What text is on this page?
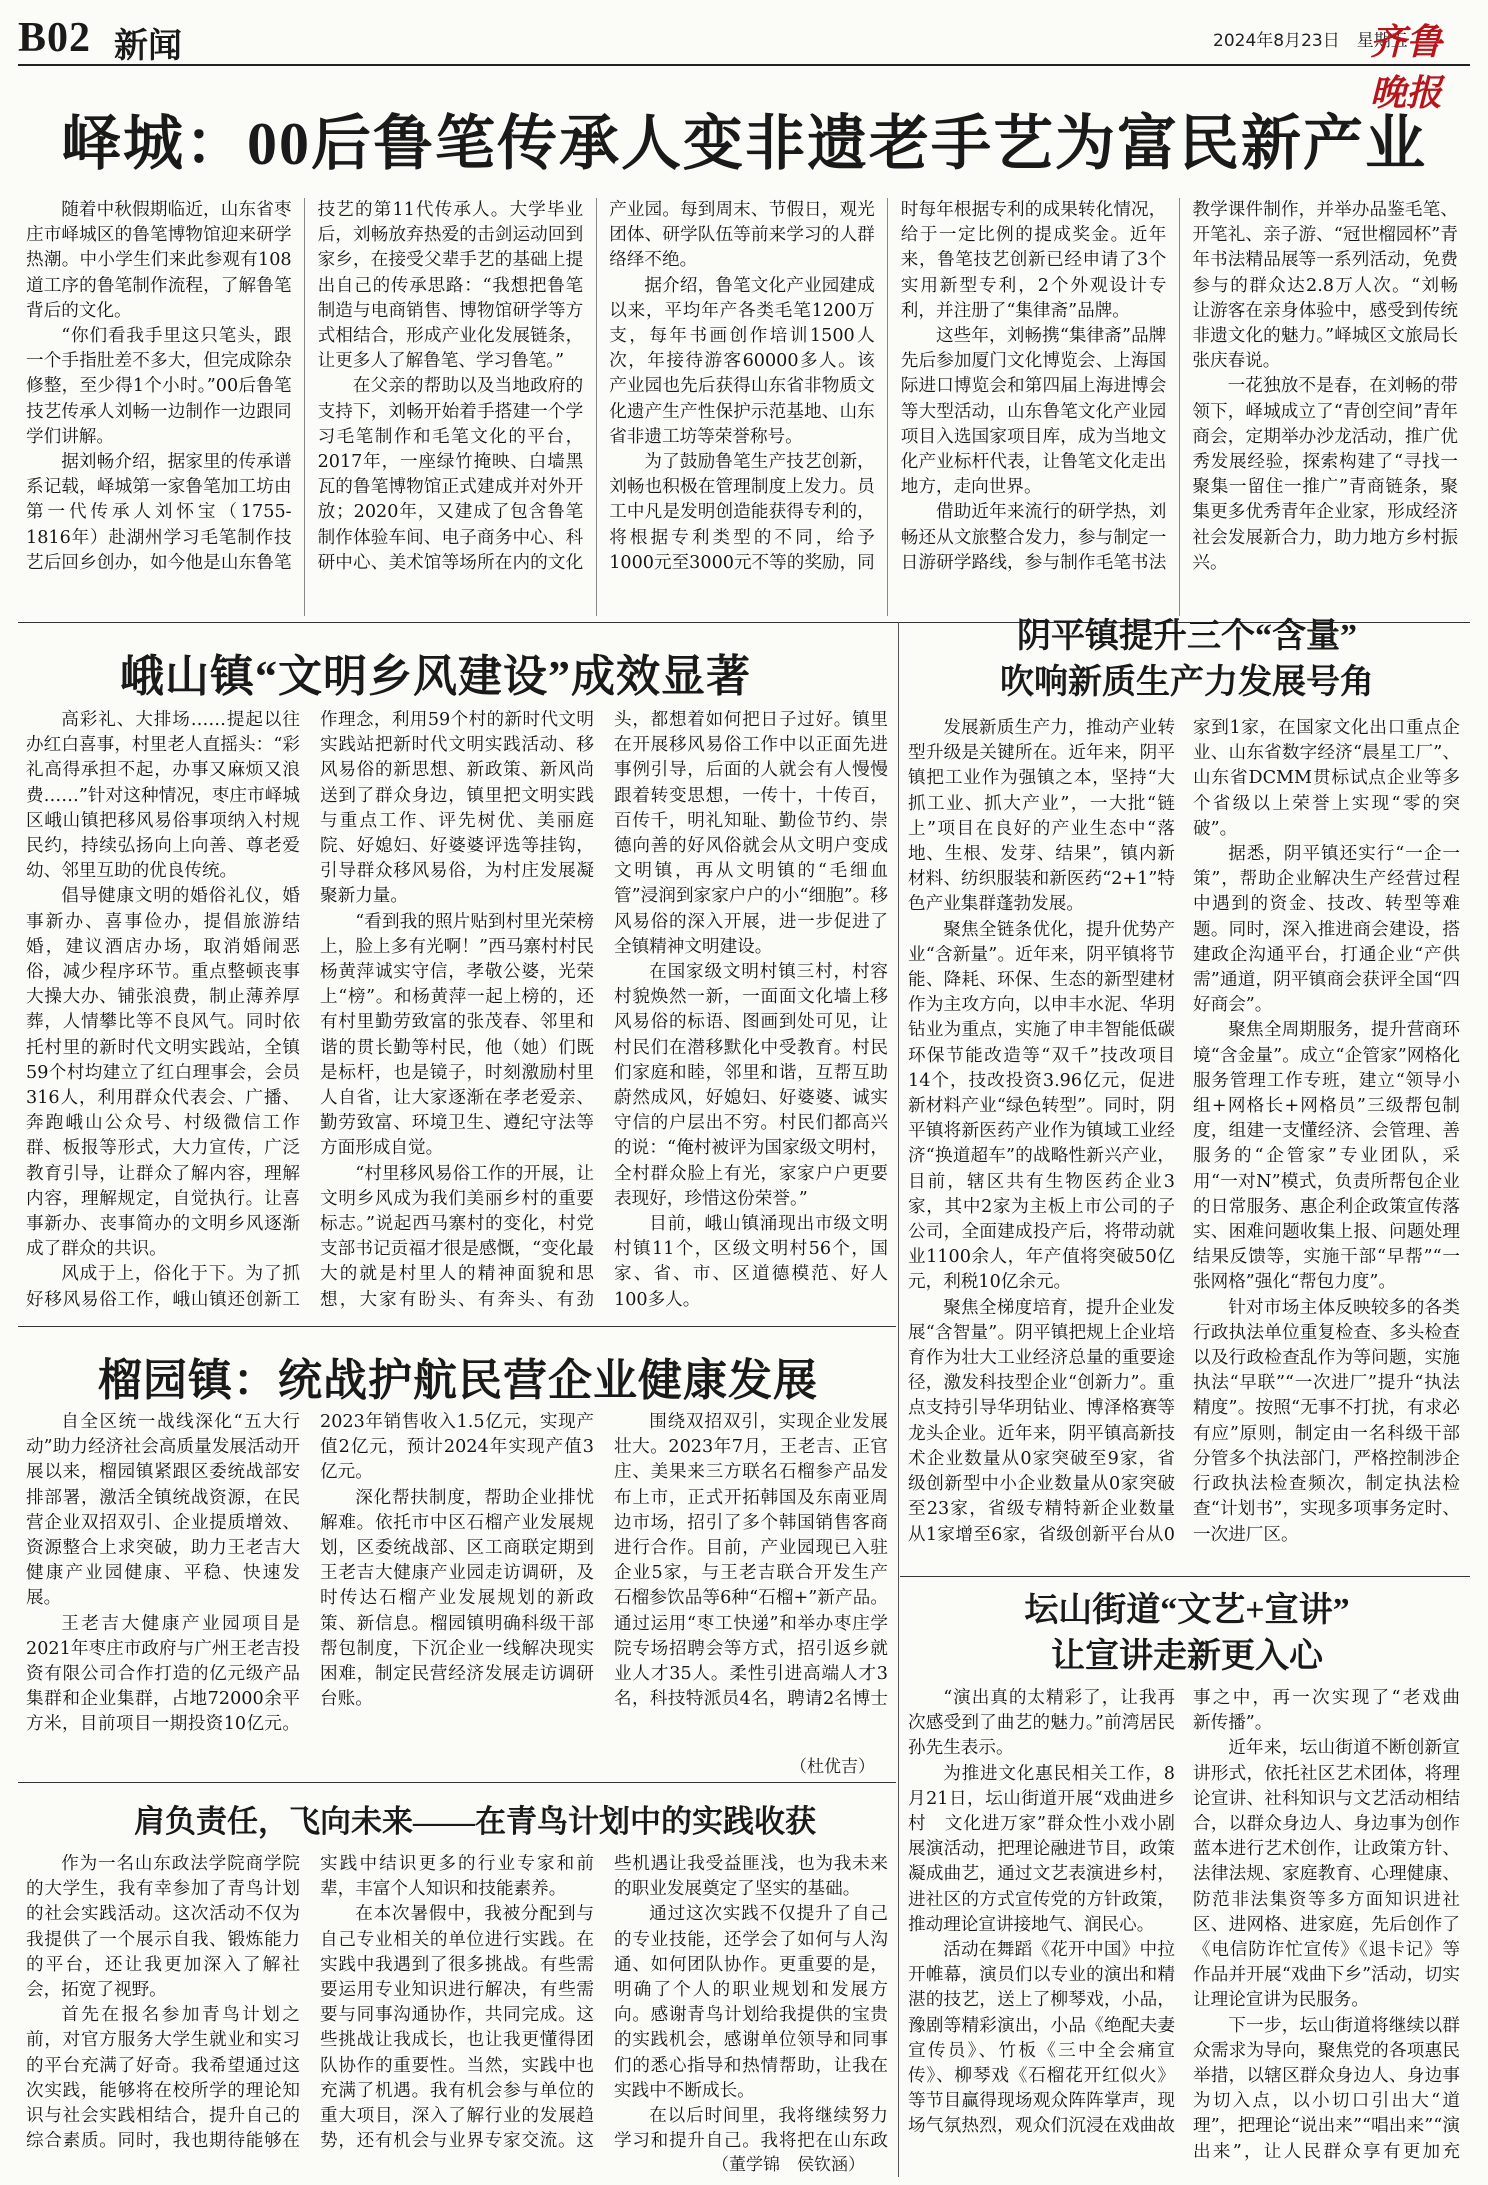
B02 新闻	2024年8月23日　星期五
齐鲁晚报
峄城：00后鲁笔传承人变非遗老手艺为富民新产业

随着中秋假期临近，山东省枣庄市峄城区的鲁笔博物馆迎来研学热潮。中小学生们来此参观有108道工序的鲁笔制作流程，了解鲁笔背后的文化。

“你们看我手里这只笔头，跟一个手指肚差不多大，但完成除杂修整，至少得1个小时。”00后鲁笔技艺传承人刘畅一边制作一边跟同学们讲解。

据刘畅介绍，据家里的传承谱系记载，峄城第一家鲁笔加工坊由第一代传承人刘怀宝（1755-1816年）赴湖州学习毛笔制作技艺后回乡创办，如今他是山东鲁笔技艺的第11代传承人。大学毕业后，刘畅放弃热爱的击剑运动回到家乡，在接受父辈手艺的基础上提出自己的传承思路：“我想把鲁笔制造与电商销售、博物馆研学等方式相结合，形成产业化发展链条，让更多人了解鲁笔、学习鲁笔。”

在父亲的帮助以及当地政府的支持下，刘畅开始着手搭建一个学习毛笔制作和毛笔文化的平台，2017年，一座绿竹掩映、白墙黑瓦的鲁笔博物馆正式建成并对外开放；2020年，又建成了包含鲁笔制作体验车间、电子商务中心、科研中心、美术馆等场所在内的文化产业园。每到周末、节假日，观光团体、研学队伍等前来学习的人群络绎不绝。

据介绍，鲁笔文化产业园建成以来，平均年产各类毛笔1200万支，每年书画创作培训1500人次，年接待游客60000多人。该产业园也先后获得山东省非物质文化遗产生产性保护示范基地、山东省非遗工坊等荣誉称号。

为了鼓励鲁笔生产技艺创新，刘畅也积极在管理制度上发力。员工中凡是发明创造能获得专利的，将根据专利类型的不同，给予1000元至3000元不等的奖励，同时每年根据专利的成果转化情况，给于一定比例的提成奖金。近年来，鲁笔技艺创新已经申请了3个实用新型专利，2个外观设计专利，并注册了“集律斋”品牌。

这些年，刘畅携“集律斋”品牌先后参加厦门文化博览会、上海国际进口博览会和第四届上海进博会等大型活动，山东鲁笔文化产业园项目入选国家项目库，成为当地文化产业标杆代表，让鲁笔文化走出地方，走向世界。

借助近年来流行的研学热，刘畅还从文旅整合发力，参与制定一日游研学路线，参与制作毛笔书法教学课件制作，并举办品鉴毛笔、开笔礼、亲子游、“冠世榴园杯”青年书法精品展等一系列活动，免费参与的群众达2.8万人次。“刘畅让游客在亲身体验中，感受到传统非遗文化的魅力。”峄城区文旅局长张庆春说。

一花独放不是春，在刘畅的带领下，峄城成立了“青创空间”青年商会，定期举办沙龙活动，推广优秀发展经验，探索构建了“寻找一聚集一留住一推广”青商链条，聚集更多优秀青年企业家，形成经济社会发展新合力，助力地方乡村振兴。

峨山镇“文明乡风建设”成效显著

高彩礼、大排场……提起以往办红白喜事，村里老人直摇头：“彩礼高得承担不起，办事又麻烦又浪费……”针对这种情况，枣庄市峄城区峨山镇把移风易俗事项纳入村规民约，持续弘扬向上向善、尊老爱幼、邻里互助的优良传统。

倡导健康文明的婚俗礼仪，婚事新办、喜事俭办，提倡旅游结婚，建议酒店办场，取消婚闹恶俗，减少程序环节。重点整顿丧事大操大办、铺张浪费，制止薄养厚葬，人情攀比等不良风气。同时依托村里的新时代文明实践站，全镇59个村均建立了红白理事会，会员316人，利用群众代表会、广播、奔跑峨山公众号、村级微信工作群、板报等形式，大力宣传，广泛教育引导，让群众了解内容，理解内容，理解规定，自觉执行。让喜事新办、丧事简办的文明乡风逐渐成了群众的共识。

风成于上，俗化于下。为了抓好移风易俗工作，峨山镇还创新工作理念，利用59个村的新时代文明实践站把新时代文明实践活动、移风易俗的新思想、新政策、新风尚送到了群众身边，镇里把文明实践与重点工作、评先树优、美丽庭院、好媳妇、好婆婆评选等挂钩，引导群众移风易俗，为村庄发展凝聚新力量。

“看到我的照片贴到村里光荣榜上，脸上多有光啊！”西马寨村村民杨黄萍诚实守信，孝敬公婆，光荣上“榜”。和杨黄萍一起上榜的，还有村里勤劳致富的张茂春、邻里和谐的贯长勤等村民，他（她）们既是标杆，也是镜子，时刻激励村里人自省，让大家逐渐在孝老爱亲、勤劳致富、环境卫生、遵纪守法等方面形成自觉。

“村里移风易俗工作的开展，让文明乡风成为我们美丽乡村的重要标志。”说起西马寨村的变化，村党支部书记贡福才很是感慨，“变化最大的就是村里人的精神面貌和思想，大家有盼头、有奔头、有劲头，都想着如何把日子过好。镇里在开展移风易俗工作中以正面先进事例引导，后面的人就会有人慢慢跟着转变思想，一传十，十传百，百传千，明礼知耻、勤俭节约、崇德向善的好风俗就会从文明户变成文明镇，再从文明镇的“毛细血管”浸润到家家户户的小“细胞”。移风易俗的深入开展，进一步促进了全镇精神文明建设。

在国家级文明村镇三村，村容村貌焕然一新，一面面文化墙上移风易俗的标语、图画到处可见，让村民们在潜移默化中受教育。村民们家庭和睦，邻里和谐，互帮互助蔚然成风，好媳妇、好婆婆、诚实守信的户层出不穷。村民们都高兴的说：“俺村被评为国家级文明村，全村群众脸上有光，家家户户更要表现好，珍惜这份荣誉。”

目前，峨山镇涌现出市级文明村镇11个，区级文明村56个，国家、省、市、区道德模范、好人100多人。

榴园镇：统战护航民营企业健康发展

自全区统一战线深化“五大行动”助力经济社会高质量发展活动开展以来，榴园镇紧跟区委统战部安排部署，激活全镇统战资源，在民营企业双招双引、企业提质增效、资源整合上求突破，助力王老吉大健康产业园健康、平稳、快速发展。

王老吉大健康产业园项目是2021年枣庄市政府与广州王老吉投资有限公司合作打造的亿元级产品集群和企业集群，占地72000余平方米，目前项目一期投资10亿元。2023年销售收入1.5亿元，实现产值2亿元，预计2024年实现产值3亿元。

深化帮扶制度，帮助企业排忧解难。依托市中区石榴产业发展规划，区委统战部、区工商联定期到王老吉大健康产业园走访调研，及时传达石榴产业发展规划的新政策、新信息。榴园镇明确科级干部帮包制度，下沉企业一线解决现实困难，制定民营经济发展走访调研台账。

围绕双招双引，实现企业发展壮大。2023年7月，王老吉、正官庄、美果来三方联名石榴参产品发布上市，正式开拓韩国及东南亚周边市场，招引了多个韩国销售客商进行合作。目前，产业园现已入驻企业5家，与王老吉联合开发生产石榴参饮品等6种“石榴+”新产品。通过运用“枣工快递”和举办枣庄学院专场招聘会等方式，招引返乡就业人才35人。柔性引进高端人才3名，科技特派员4名，聘请2名博士

（杜优吉）
肩负责任，飞向未来——在青鸟计划中的实践收获

作为一名山东政法学院商学院的大学生，我有幸参加了青鸟计划的社会实践活动。这次活动不仅为我提供了一个展示自我、锻炼能力的平台，还让我更加深入了解社会，拓宽了视野。

首先在报名参加青鸟计划之前，对官方服务大学生就业和实习的平台充满了好奇。我希望通过这次实践，能够将在校所学的理论知识与社会实践相结合，提升自己的综合素质。同时，我也期待能够在实践中结识更多的行业专家和前辈，丰富个人知识和技能素养。

在本次暑假中，我被分配到与自己专业相关的单位进行实践。在实践中我遇到了很多挑战。有些需要运用专业知识进行解决，有些需要与同事沟通协作，共同完成。这些挑战让我成长，也让我更懂得团队协作的重要性。当然，实践中也充满了机遇。我有机会参与单位的重大项目，深入了解行业的发展趋势，还有机会与业界专家交流。这些机遇让我受益匪浅，也为我未来的职业发展奠定了坚实的基础。

通过这次实践不仅提升了自己的专业技能，还学会了如何与人沟通、如何团队协作。更重要的是，明确了个人的职业规划和发展方向。感谢青鸟计划给我提供的宝贵的实践机会，感谢单位领导和同事们的悉心指导和热情帮助，让我在实践中不断成长。

在以后时间里，我将继续努力学习和提升自己。我将把在山东政

（董学锦　侯钦涵）
阴平镇提升三个“含量”
吹响新质生产力发展号角

发展新质生产力，推动产业转型升级是关键所在。近年来，阴平镇把工业作为强镇之本，坚持“大抓工业、抓大产业”，一大批“链上”项目在良好的产业生态中“落地、生根、发芽、结果”，镇内新材料、纺织服装和新医药“2+1”特色产业集群蓬勃发展。

聚焦全链条优化，提升优势产业“含新量”。近年来，阴平镇将节能、降耗、环保、生态的新型建材作为主攻方向，以申丰水泥、华玥钻业为重点，实施了申丰智能低碳环保节能改造等“双千”技改项目14个，技改投资3.96亿元，促进新材料产业“绿色转型”。同时，阴平镇将新医药产业作为镇域工业经济“换道超车”的战略性新兴产业，目前，辖区共有生物医药企业3家，其中2家为主板上市公司的子公司，全面建成投产后，将带动就业1100余人，年产值将突破50亿元，利税10亿余元。

聚焦全梯度培育，提升企业发展“含智量”。阴平镇把规上企业培育作为壮大工业经济总量的重要途径，激发科技型企业“创新力”。重点支持引导华玥钻业、博泽格赛等龙头企业。近年来，阴平镇高新技术企业数量从0家突破至9家，省级创新型中小企业数量从0家突破至23家，省级专精特新企业数量从1家增至6家，省级创新平台从0家到1家，在国家文化出口重点企业、山东省数字经济“晨星工厂”、山东省DCMM贯标试点企业等多个省级以上荣誉上实现“零的突破”。

据悉，阴平镇还实行“一企一策”，帮助企业解决生产经营过程中遇到的资金、技改、转型等难题。同时，深入推进商会建设，搭建政企沟通平台，打通企业“产供需”通道，阴平镇商会获评全国“四好商会”。

聚焦全周期服务，提升营商环境“含金量”。成立“企管家”网格化服务管理工作专班，建立“领导小组+网格长+网格员”三级帮包制度，组建一支懂经济、会管理、善服务的“企管家”专业团队，采用“一对N”模式，负责所帮包企业的日常服务、惠企利企政策宣传落实、困难问题收集上报、问题处理结果反馈等，实施干部“早帮”“一张网格”强化“帮包力度”。

针对市场主体反映较多的各类行政执法单位重复检查、多头检查以及行政检查乱作为等问题，实施执法“早联”“一次进厂”提升“执法精度”。按照“无事不打扰，有求必有应”原则，制定由一名科级干部分管多个执法部门，严格控制涉企行政执法检查频次，制定执法检查“计划书”，实现多项事务定时、一次进厂区。

坛山街道“文艺+宣讲”
让宣讲走新更入心

“演出真的太精彩了，让我再次感受到了曲艺的魅力。”前湾居民孙先生表示。

为推进文化惠民相关工作，8月21日，坛山街道开展“戏曲进乡村　文化进万家”群众性小戏小剧展演活动，把理论融进节目，政策凝成曲艺，通过文艺表演进乡村，进社区的方式宣传党的方针政策，推动理论宣讲接地气、润民心。

活动在舞蹈《花开中国》中拉开帷幕，演员们以专业的演出和精湛的技艺，送上了柳琴戏，小品，豫剧等精彩演出，小品《绝配夫妻宣传员》、竹板《三中全会痛宣传》、柳琴戏《石榴花开红似火》等节目赢得现场观众阵阵掌声，现场气氛热烈，观众们沉浸在戏曲故事之中，再一次实现了“老戏曲　新传播”。

近年来，坛山街道不断创新宣讲形式，依托社区艺术团体，将理论宣讲、社科知识与文艺活动相结合，以群众身边人、身边事为创作蓝本进行艺术创作，让政策方针、法律法规、家庭教育、心理健康、防范非法集资等多方面知识进社区、进网格、进家庭，先后创作了《电信防诈忙宣传》《退卡记》等作品并开展“戏曲下乡”活动，切实让理论宣讲为民服务。

下一步，坛山街道将继续以群众需求为导向，聚焦党的各项惠民举措，以辖区群众身边人、身边事为切入点，以小切口引出大“道理”，把理论“说出来”“唱出来”“演出来”，让人民群众享有更加充
